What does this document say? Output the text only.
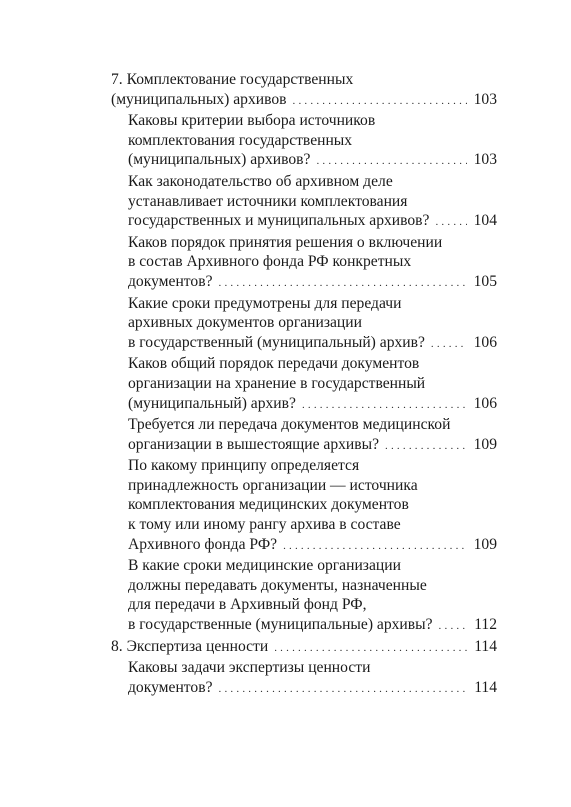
7. Комплектование государственных
(муниципальных) архивов .....	103
Каковы критерии выбора источников
комплектования государственных
(муниципальных) архивов? .....	103
Как законодательство об архивном деле
устанавливает источники комплектования
государственных и муниципальных архивов? .....	104
Каков порядок принятия решения о включении
в состав Архивного фонда РФ конкретных
документов? .....	105
Какие сроки предумотрены для передачи
архивных документов организации
в государственный (муниципальный) архив? .....	106
Каков общий порядок передачи документов
организации на хранение в государственный
(муниципальный) архив? .....	106
Требуется ли передача документов медицинской
организации в вышестоящие архивы? .....	109
По какому принципу определяется
принадлежность организации — источника
комплектования медицинских документов
к тому или иному рангу архива в составе
Архивного фонда РФ? .....	109
В какие сроки медицинские организации
должны передавать документы, назначенные
для передачи в Архивный фонд РФ,
в государственные (муниципальные) архивы? .....	112
8. Экспертиза ценности .....	114
Каковы задачи экспертизы ценности
документов? .....	114
